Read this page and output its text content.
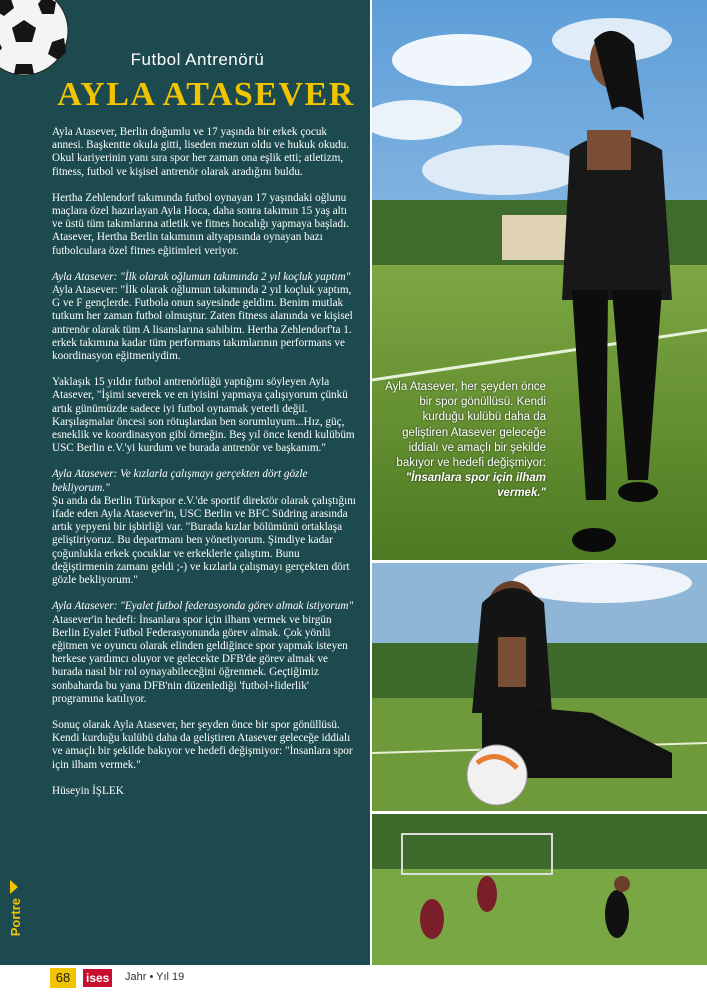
Futbol Antrenörü
AYLA ATASEVER
Ayla Atasever, Berlin doğumlu ve 17 yaşında bir erkek çocuk annesi. Başkentte okula gitti, liseden mezun oldu ve hukuk okudu. Okul kariyerinin yanı sıra spor her zaman ona eşlik etti; atletizm, fitness, futbol ve kişisel antrenör olarak aradığını buldu.
Hertha Zehlendorf takımında futbol oynayan 17 yaşındaki oğlunu maçlara özel hazırlayan Ayla Hoca, daha sonra takımın 15 yaş altı ve üstü tüm takımlarına atletik ve fitnes hocalığı yapmaya başladı. Atasever, Hertha Berlin takımının altyapısında oynayan bazı futbolculara özel fitnes eğitimleri veriyor.
Ayla Atasever: "İlk olarak oğlumun takımında 2 yıl koçluk yaptım"
Ayla Atasever: "İlk olarak oğlumun takımında 2 yıl koçluk yaptım, G ve F gençlerde. Futbola onun sayesinde geldim. Benim mutlak tutkum her zaman futbol olmuştur. Zaten fitness alanında ve kişisel antrenör olarak tüm A lisanslarına sahibim. Hertha Zehlendorf'ta 1. erkek takımına kadar tüm performans takımlarının performans ve koordinasyon eğitmeniydim.
Yaklaşık 15 yıldır futbol antrenörlüğü yaptığını söyleyen Ayla Atasever, "İşimi severek ve en iyisini yapmaya çalışıyorum çünkü artık günümüzde sadece iyi futbol oynamak yeterli değil. Karşılaşmalar öncesi son rötuşlardan ben sorumluyum...Hız, güç, esneklik ve koordinasyon gibi örneğin. Beş yıl önce kendi kulübüm USC Berlin e.V.'yi kurdum ve burada antrenör ve başkanım."
Ayla Atasever: Ve kızlarla çalışmayı gerçekten dört gözle bekliyorum."
Şu anda da Berlin Türkspor e.V.'de sportif direktör olarak çalıştığını ifade eden Ayla Atasever'in, USC Berlin ve BFC Südring arasında artık yepyeni bir işbirliği var. "Burada kızlar bölümünü ortaklaşa geliştiriyoruz. Bu departmanı ben yönetiyorum. Şimdiye kadar çoğunlukla erkek çocuklar ve erkeklerle çalıştım. Bunu değiştirmenin zamanı geldi ;-) ve kızlarla çalışmayı gerçekten dört gözle bekliyorum."
Ayla Atasever: "Eyalet futbol federasyonda görev almak istiyorum"
Atasever'in hedefi: İnsanlara spor için ilham vermek ve birgün Berlin Eyalet Futbol Federasyonunda görev almak. Çok yönlü eğitmen ve oyuncu olarak elinden geldiğince spor yapmak isteyen herkese yardımcı oluyor ve gelecekte DFB'de görev almak ve burada nasıl bir rol oynayabileceğini öğrenmek. Geçtiğimiz sonbaharda bu yana DFB'nin düzenlediği 'futbol+liderlik' programına katılıyor.
Sonuç olarak Ayla Atasever, her şeyden önce bir spor gönüllüsü. Kendi kurduğu kulübü daha da geliştiren Atasever geleceğe iddialı ve amaçlı bir şekilde bakıyor ve hedefi değişmiyor: "İnsanlara spor için ilham vermek."
Hüseyin İŞLEK
Portre
Ayla Atasever, her şeyden önce bir spor gönüllüsü. Kendi kurduğu kulübü daha da geliştiren Atasever geleceğe iddialı ve amaçlı bir şekilde bakıyor ve hedefi değişmiyor: "İnsanlara spor için ilham vermek."
68	ises Jahr • Yıl 19
